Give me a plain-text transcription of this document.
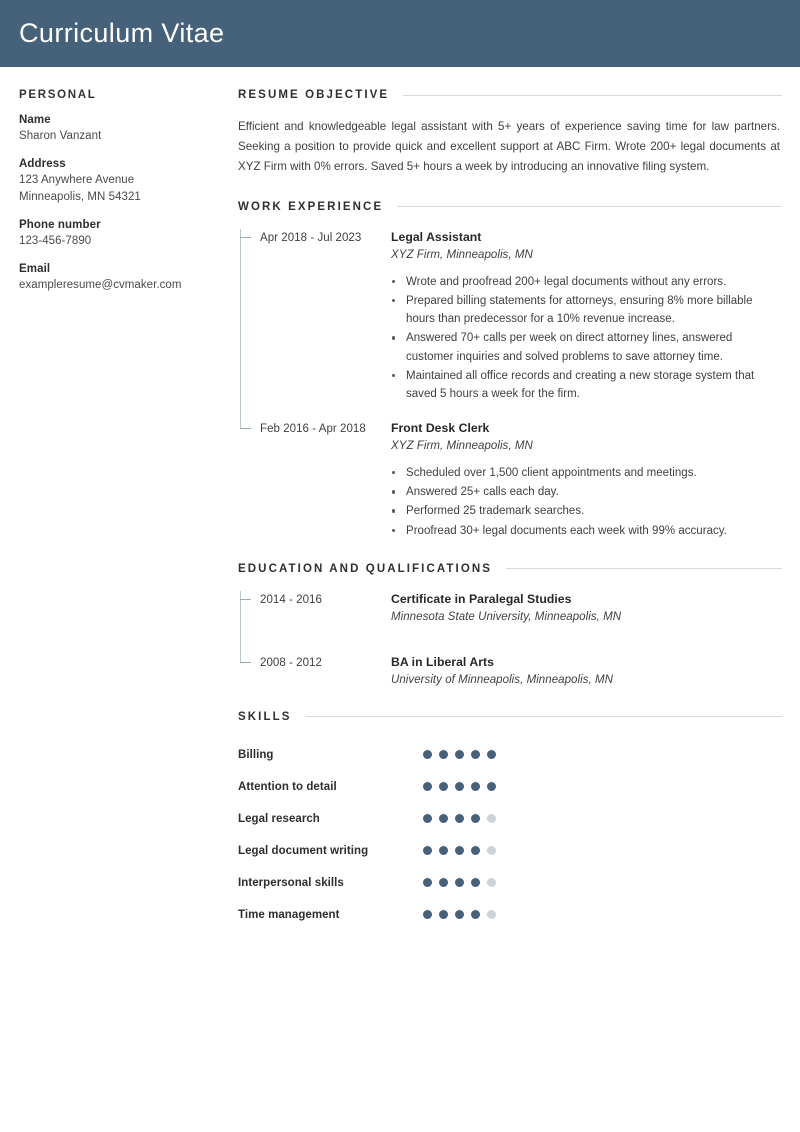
Curriculum Vitae
PERSONAL
Name
Sharon Vanzant
Address
123 Anywhere Avenue
Minneapolis, MN 54321
Phone number
123-456-7890
Email
exampleresume@cvmaker.com
RESUME OBJECTIVE

Efficient and knowledgeable legal assistant with 5+ years of experience saving time for law partners. Seeking a position to provide quick and excellent support at ABC Firm. Wrote 200+ legal documents at XYZ Firm with 0% errors. Saved 5+ hours a week by introducing an innovative filing system.

WORK EXPERIENCE
Apr 2018 - Jul 2023	Legal Assistant
XYZ Firm, Minneapolis, MN
Wrote and proofread 200+ legal documents without any errors.
Prepared billing statements for attorneys, ensuring 8% more billable hours than predecessor for a 10% revenue increase.
Answered 70+ calls per week on direct attorney lines, answered customer inquiries and solved problems to save attorney time.
Maintained all office records and creating a new storage system that saved 5 hours a week for the firm.
Feb 2016 - Apr 2018	Front Desk Clerk
XYZ Firm, Minneapolis, MN
Scheduled over 1,500 client appointments and meetings.
Answered 25+ calls each day.
Performed 25 trademark searches.
Proofread 30+ legal documents each week with 99% accuracy.
EDUCATION AND QUALIFICATIONS
2014 - 2016	Certificate in Paralegal Studies
Minnesota State University, Minneapolis, MN
2008 - 2012	BA in Liberal Arts
University of Minneapolis, Minneapolis, MN
SKILLS
Billing
Attention to detail
Legal research
Legal document writing
Interpersonal skills
Time management
